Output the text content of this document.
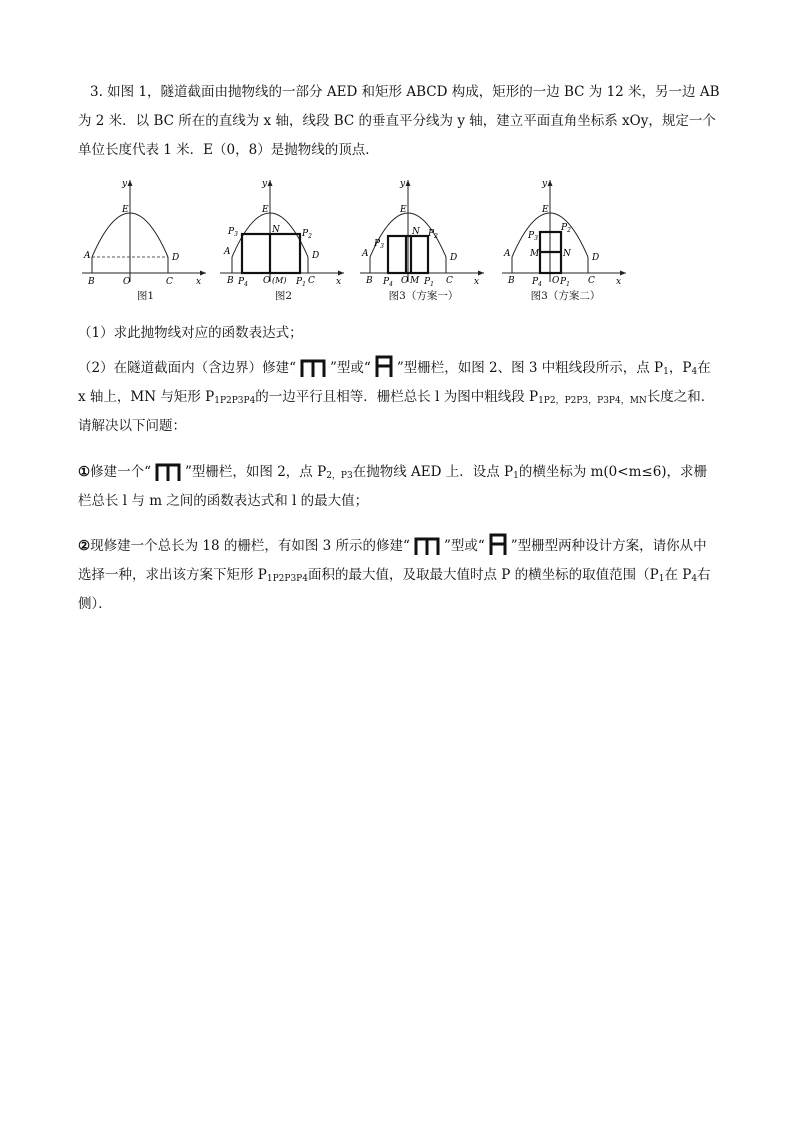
3. 如图 1，隧道截面由抛物线的一部分 AED 和矩形 ABCD 构成，矩形的一边 BC 为 12 米，另一边 AB 为 2 米．以 BC 所在的直线为 x 轴，线段 BC 的垂直平分线为 y 轴，建立平面直角坐标系 xOy，规定一个单位长度代表 1 米．E（0，8）是抛物线的顶点．
y
E
A	D
B	O	C	x
图1
y
E
N
$P_3$	$P_2$
A	D
B $P_4$ O (M) $P_1$ C x
图2
y
E
N
$P_3$
$P_2$
A	D
B $P_4$ O M $P_1$ C x
图3（方案一）
y
E
$P_3$
$P_2$
M	N
A	D
B $P_4$ O $P_1$ C x
图3（方案二）
（1）求此抛物线对应的函数表达式；
（2）在隧道截面内（含边界）修建“	”型或“ ”型栅栏，如图 2、图 3 中粗线段所示，点 $P_1$，$P_4$在 x 轴上，MN 与矩形 $P_{1P2P3P4}$的一边平行且相等．栅栏总长 l 为图中粗线段 $P_{1P2,P2P3,P3P4,MN}$长度之和．请解决以下问题：
①修建一个“	”型栅栏，如图 2，点 $P_{2,P3}$在抛物线 AED 上．设点 $P_1$的横坐标为 m(0<m≤6)，求栅栏总长 l 与 m 之间的函数表达式和 l 的最大值；
②现修建一个总长为 18 的栅栏，有如图 3 所示的修建“	”型或“ ”型栅型两种设计方案，请你从中选择一种，求出该方案下矩形 $P_{1P2P3P4}$面积的最大值，及取最大值时点 P 的横坐标的取值范围（$P_1$在 $P_4$右侧）．
